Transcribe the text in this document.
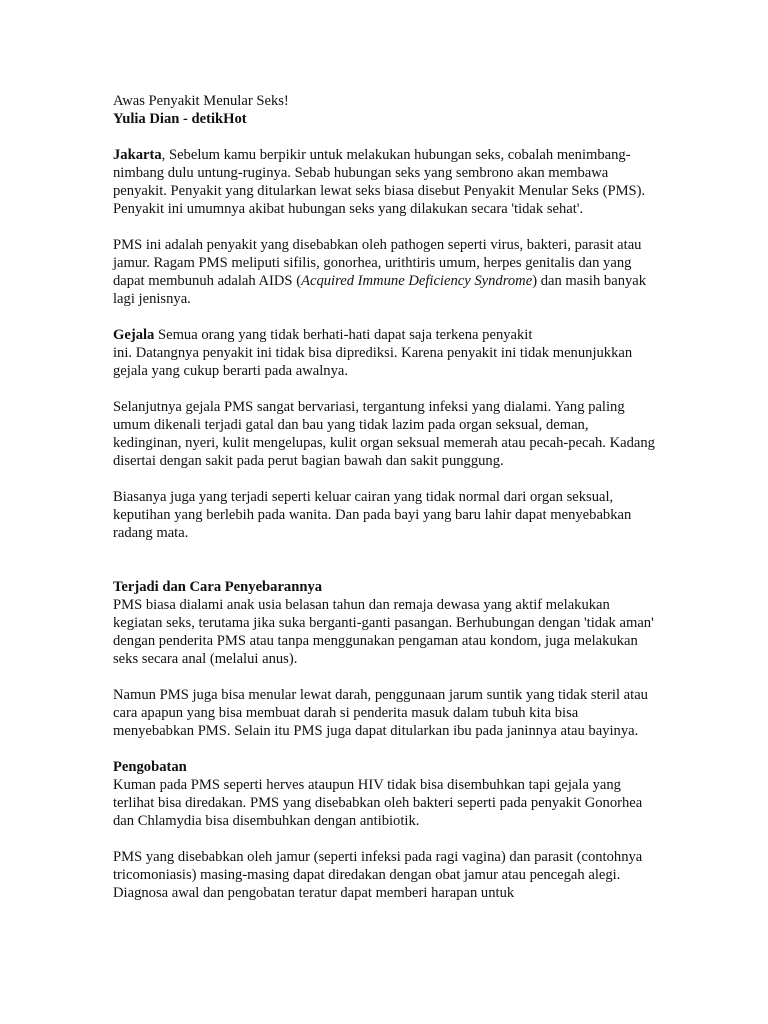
Awas Penyakit Menular Seks!

Yulia Dian - detikHot

Jakarta, Sebelum kamu berpikir untuk melakukan hubungan seks, cobalah menimbang-nimbang dulu untung-ruginya. Sebab hubungan seks yang sembrono akan membawa penyakit. Penyakit yang ditularkan lewat seks biasa disebut Penyakit Menular Seks (PMS).

Penyakit ini umumnya akibat hubungan seks yang dilakukan secara 'tidak sehat'.

PMS ini adalah penyakit yang disebabkan oleh pathogen seperti virus, bakteri, parasit atau jamur. Ragam PMS meliputi sifilis, gonorhea, urithtiris umum, herpes genitalis dan yang dapat membunuh adalah AIDS (Acquired Immune Deficiency Syndrome) dan masih banyak lagi jenisnya.

Gejala Semua orang yang tidak berhati-hati dapat saja terkena penyakit

ini. Datangnya penyakit ini tidak bisa diprediksi. Karena penyakit ini tidak menunjukkan gejala yang cukup berarti pada awalnya.

Selanjutnya gejala PMS sangat bervariasi, tergantung infeksi yang dialami. Yang paling umum dikenali terjadi gatal dan bau yang tidak lazim pada organ seksual, deman, kedinginan, nyeri, kulit mengelupas, kulit organ seksual memerah atau pecah-pecah. Kadang disertai dengan sakit pada perut bagian bawah dan sakit punggung.

Biasanya juga yang terjadi seperti keluar cairan yang tidak normal dari organ seksual, keputihan yang berlebih pada wanita. Dan pada bayi yang baru lahir dapat menyebabkan radang mata.

Terjadi dan Cara Penyebarannya

PMS biasa dialami anak usia belasan tahun dan remaja dewasa yang aktif melakukan kegiatan seks, terutama jika suka berganti-ganti pasangan. Berhubungan dengan 'tidak aman' dengan penderita PMS atau tanpa menggunakan pengaman atau kondom, juga melakukan seks secara anal (melalui anus).

Namun PMS juga bisa menular lewat darah, penggunaan jarum suntik yang tidak steril atau cara apapun yang bisa membuat darah si penderita masuk dalam tubuh kita bisa menyebabkan PMS. Selain itu PMS juga dapat ditularkan ibu pada janinnya atau bayinya.

Pengobatan

Kuman pada PMS seperti herves ataupun HIV tidak bisa disembuhkan tapi gejala yang terlihat bisa diredakan. PMS yang disebabkan oleh bakteri seperti pada penyakit Gonorhea dan Chlamydia bisa disembuhkan dengan antibiotik.

PMS yang disebabkan oleh jamur (seperti infeksi pada ragi vagina) dan parasit (contohnya tricomoniasis) masing-masing dapat diredakan dengan obat jamur atau pencegah alegi. Diagnosa awal dan pengobatan teratur dapat memberi harapan untuk
